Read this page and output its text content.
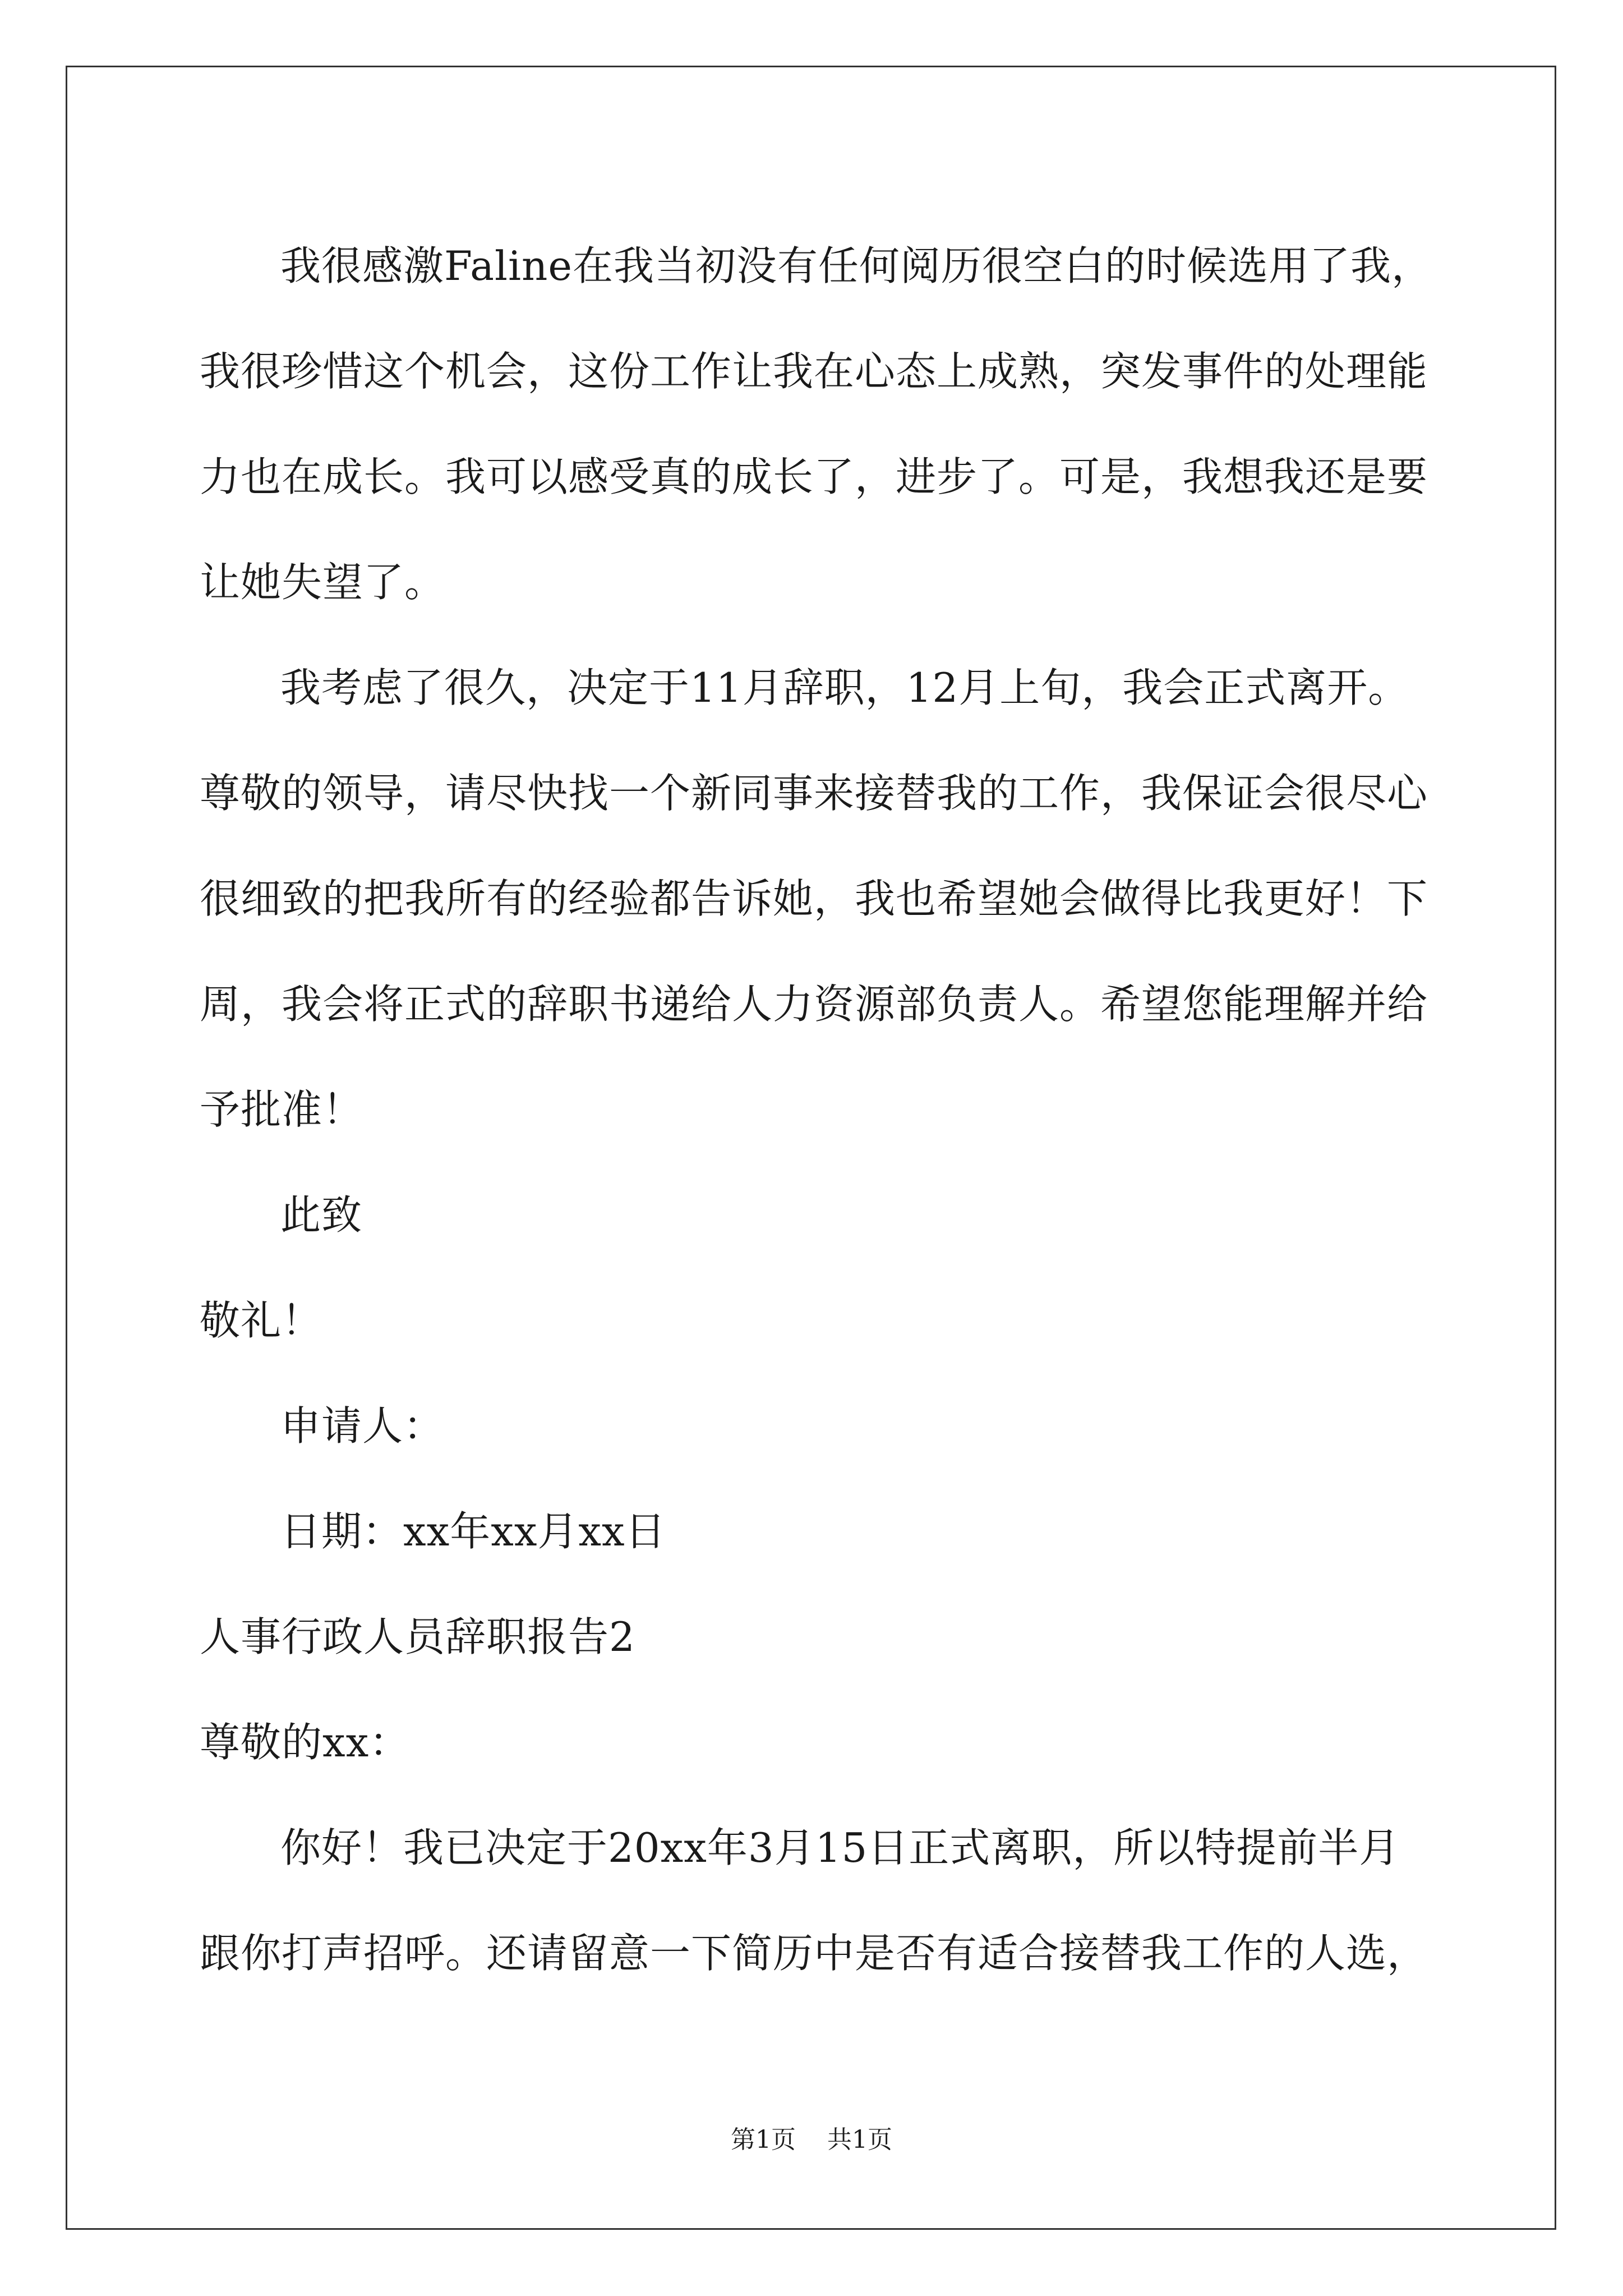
我很感激Faline在我当初没有任何阅历很空白的时候选用了我，
我很珍惜这个机会，这份工作让我在心态上成熟，突发事件的处理能
力也在成长。我可以感受真的成长了，进步了。可是，我想我还是要
让她失望了。
我考虑了很久，决定于11月辞职，12月上旬，我会正式离开。
尊敬的领导，请尽快找一个新同事来接替我的工作，我保证会很尽心
很细致的把我所有的经验都告诉她，我也希望她会做得比我更好！下
周，我会将正式的辞职书递给人力资源部负责人。希望您能理解并给
予批准！
此致
敬礼！
申请人：
日期：xx年xx月xx日
人事行政人员辞职报告2
尊敬的xx：
你好！我已决定于20xx年3月15日正式离职，所以特提前半月
跟你打声招呼。还请留意一下简历中是否有适合接替我工作的人选，
第1页 共1页
